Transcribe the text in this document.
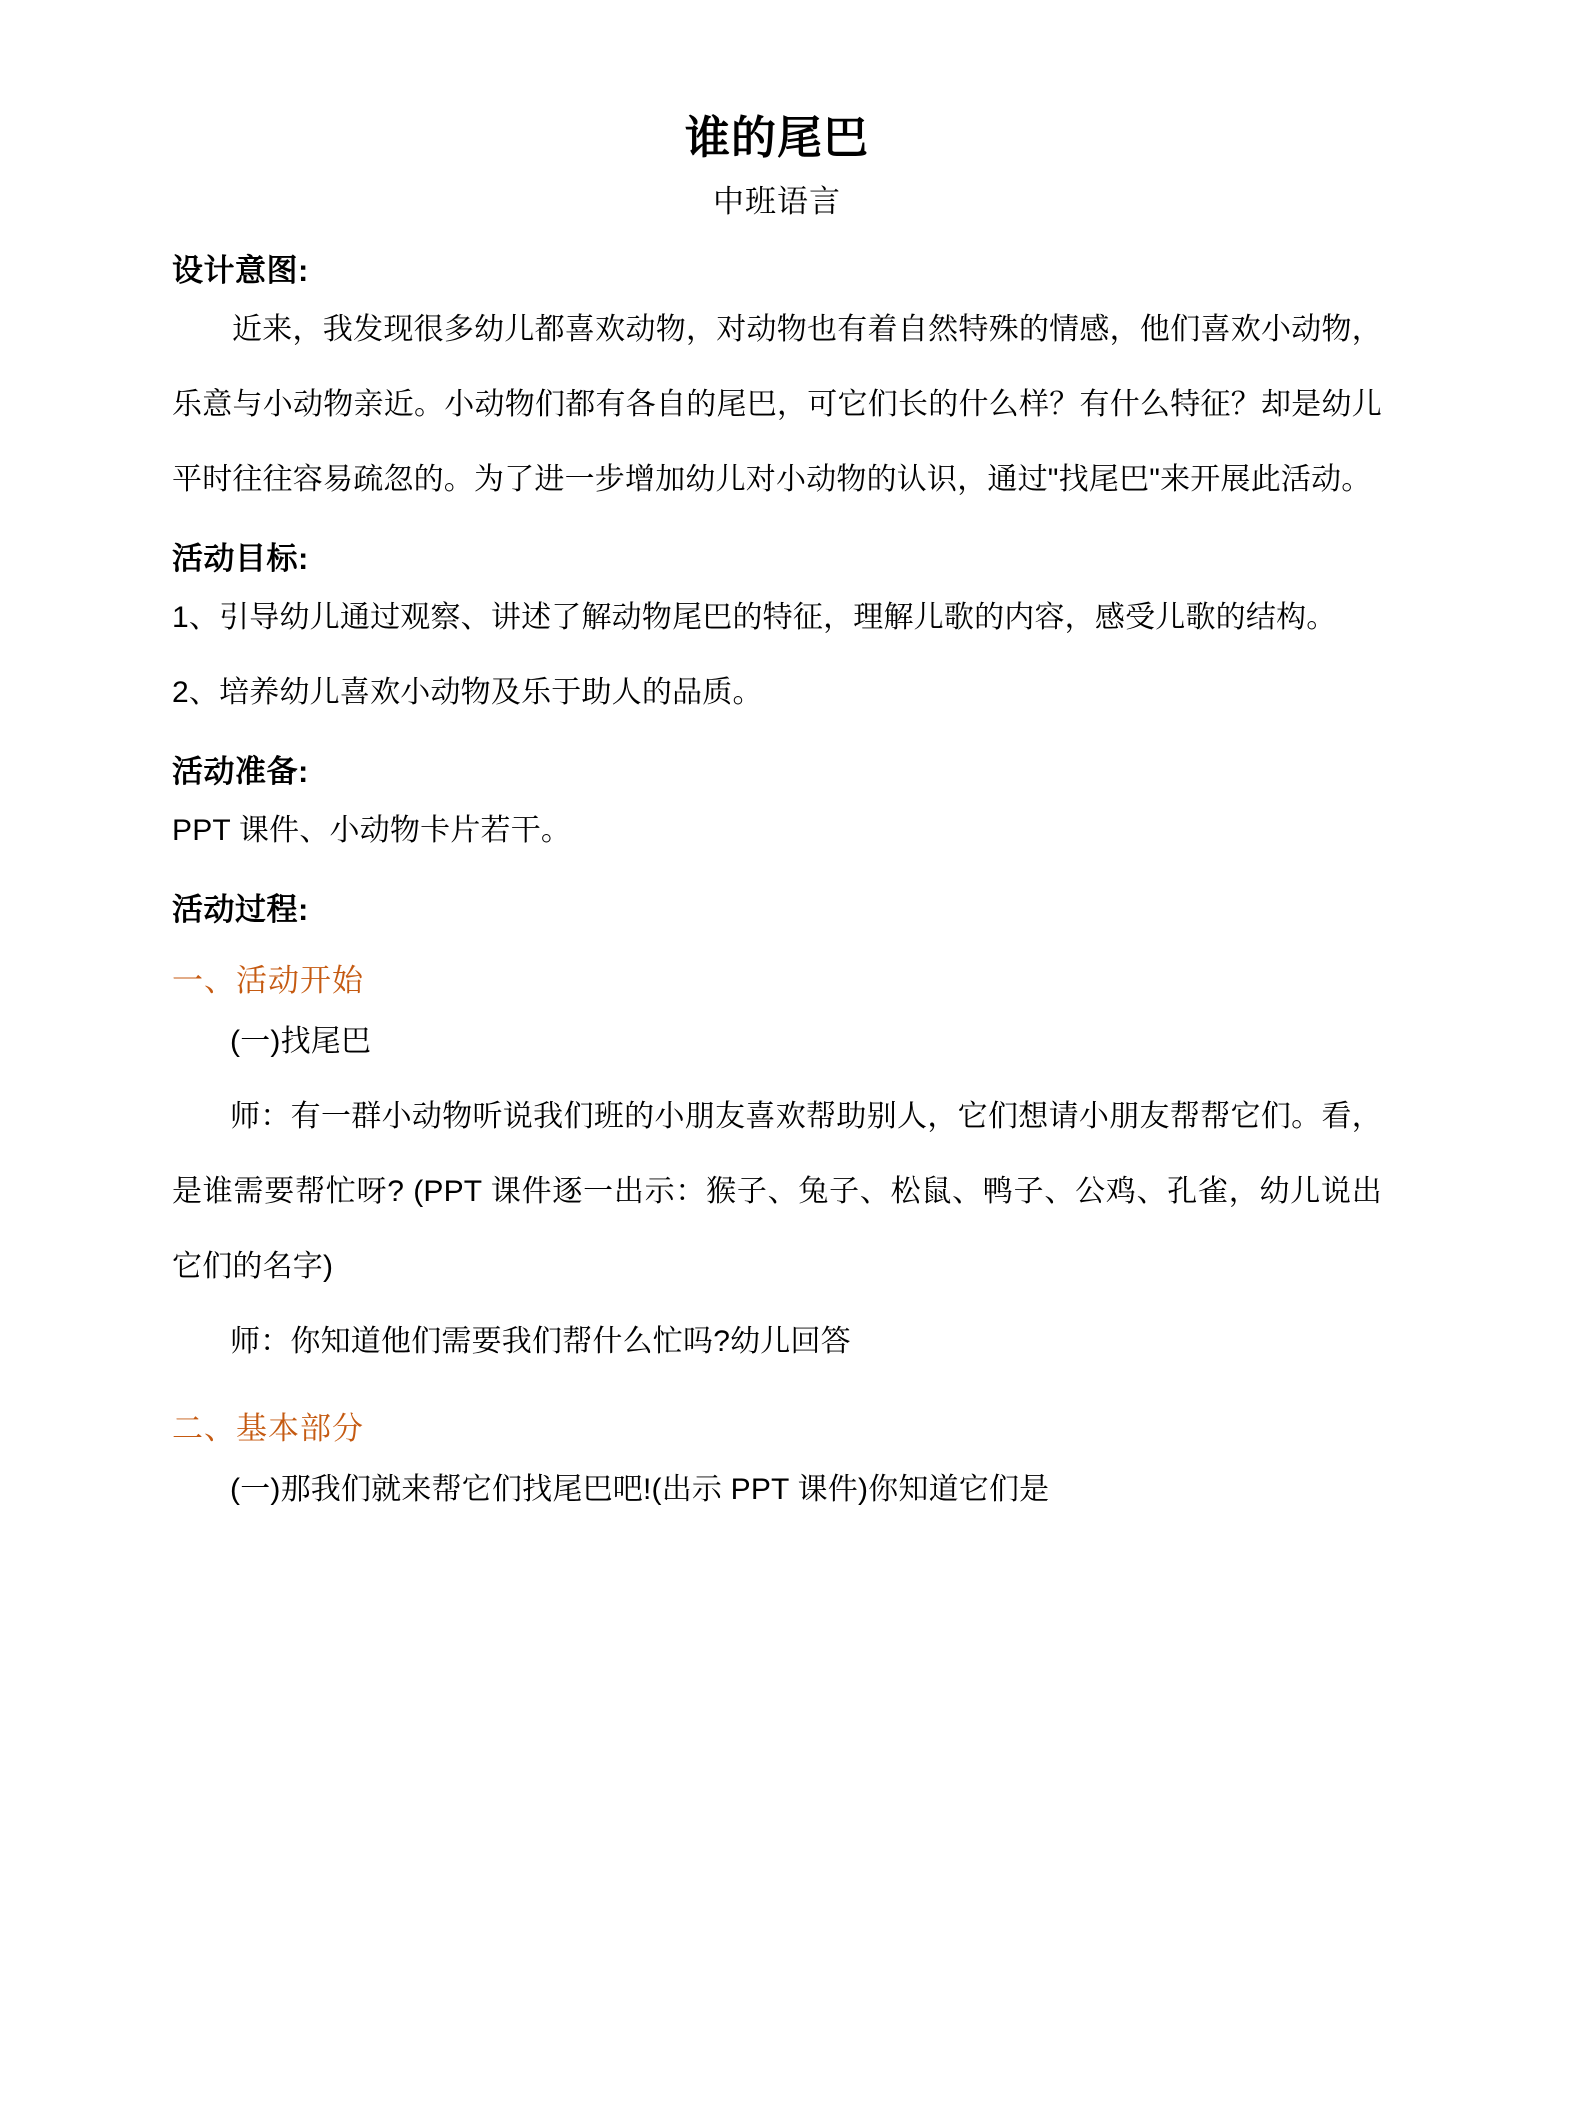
谁的尾巴

中班语言

设计意图:

近来，我发现很多幼儿都喜欢动物，对动物也有着自然特殊的情感，他们喜欢小动物，乐意与小动物亲近。小动物们都有各自的尾巴，可它们长的什么样？有什么特征？却是幼儿平时往往容易疏忽的。为了进一步增加幼儿对小动物的认识，通过"找尾巴"来开展此活动。

活动目标:

1、引导幼儿通过观察、讲述了解动物尾巴的特征，理解儿歌的内容，感受儿歌的结构。

2、培养幼儿喜欢小动物及乐于助人的品质。

活动准备:

PPT 课件、小动物卡片若干。

活动过程:
一、活动开始

(一)找尾巴

师：有一群小动物听说我们班的小朋友喜欢帮助别人，它们想请小朋友帮帮它们。看，是谁需要帮忙呀? (PPT 课件逐一出示：猴子、兔子、松鼠、鸭子、公鸡、孔雀，幼儿说出它们的名字)

师：你知道他们需要我们帮什么忙吗?幼儿回答

二、基本部分

(一)那我们就来帮它们找尾巴吧!(出示 PPT 课件)你知道它们是
